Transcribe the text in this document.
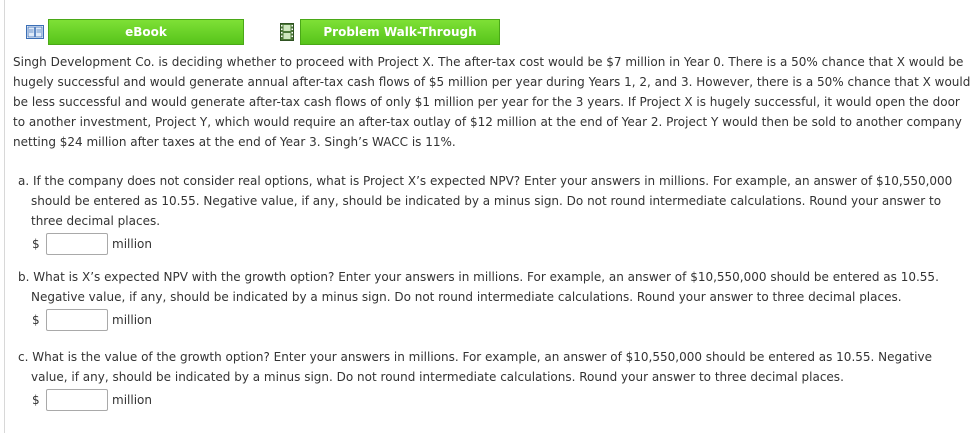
eBook	Problem Walk-Through
Singh Development Co. is deciding whether to proceed with Project X. The after-tax cost would be $7 million in Year 0. There is a 50% chance that X would be hugely successful and would generate annual after-tax cash flows of $5 million per year during Years 1, 2, and 3. However, there is a 50% chance that X would be less successful and would generate after-tax cash flows of only $1 million per year for the 3 years. If Project X is hugely successful, it would open the door to another investment, Project Y, which would require an after-tax outlay of $12 million at the end of Year 2. Project Y would then be sold to another company netting $24 million after taxes at the end of Year 3. Singh’s WACC is 11%.
a. If the company does not consider real options, what is Project X’s expected NPV? Enter your answers in millions. For example, an answer of $10,550,000 should be entered as 10.55. Negative value, if any, should be indicated by a minus sign. Do not round intermediate calculations. Round your answer to three decimal places.
$	million
b. What is X’s expected NPV with the growth option? Enter your answers in millions. For example, an answer of $10,550,000 should be entered as 10.55. Negative value, if any, should be indicated by a minus sign. Do not round intermediate calculations. Round your answer to three decimal places.
$	million
c. What is the value of the growth option? Enter your answers in millions. For example, an answer of $10,550,000 should be entered as 10.55. Negative value, if any, should be indicated by a minus sign. Do not round intermediate calculations. Round your answer to three decimal places.
$	million
